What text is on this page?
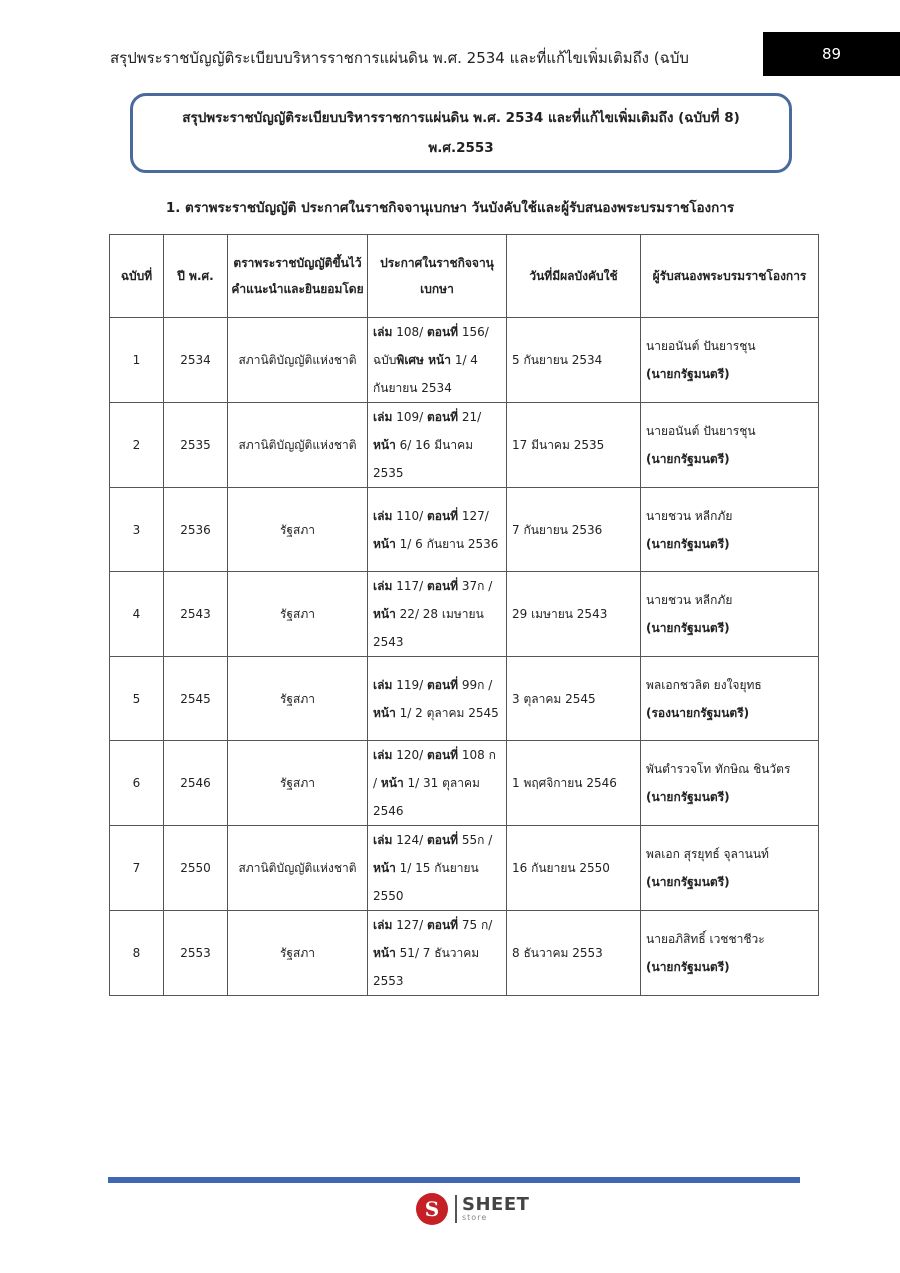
สรุปพระราชบัญญัติระเบียบบริหารราชการแผ่นดิน พ.ศ. 2534 และที่แก้ไขเพิ่มเติมถึง (ฉบับ	89
สรุปพระราชบัญญัติระเบียบบริหารราชการแผ่นดิน พ.ศ. 2534 และที่แก้ไขเพิ่มเติมถึง (ฉบับที่ 8)
พ.ศ.2553
1. ตราพระราชบัญญัติ ประกาศในราชกิจจานุเบกษา วันบังคับใช้และผู้รับสนองพระบรมราชโองการ
ฉบับที่	ปี พ.ศ.	ตราพระราชบัญญัติขึ้นไว้คำแนะนำและยินยอมโดย	ประกาศในราชกิจจานุเบกษา	วันที่มีผลบังคับใช้	ผู้รับสนองพระบรมราชโองการ
1	2534	สภานิติบัญญัติแห่งชาติ	เล่ม 108/ ตอนที่ 156/ ฉบับพิเศษ หน้า 1/ 4 กันยายน 2534	5 กันยายน 2534	นายอนันต์ ปันยารชุน
(นายกรัฐมนตรี)

2	2535	สภานิติบัญญัติแห่งชาติ	เล่ม 109/ ตอนที่ 21/ หน้า 6/ 16 มีนาคม 2535	17 มีนาคม 2535	นายอนันต์ ปันยารชุน
(นายกรัฐมนตรี)

3	2536	รัฐสภา	เล่ม 110/ ตอนที่ 127/ หน้า 1/ 6 กันยาน 2536	7 กันยายน 2536	นายชวน หลีกภัย
(นายกรัฐมนตรี)

4	2543	รัฐสภา	เล่ม 117/ ตอนที่ 37ก / หน้า 22/ 28 เมษายน 2543	29 เมษายน 2543	นายชวน หลีกภัย
(นายกรัฐมนตรี)

5	2545	รัฐสภา	เล่ม 119/ ตอนที่ 99ก / หน้า 1/ 2 ตุลาคม 2545	3 ตุลาคม 2545	พลเอกชวลิต ยงใจยุทธ
(รองนายกรัฐมนตรี)

6	2546	รัฐสภา	เล่ม 120/ ตอนที่ 108 ก / หน้า 1/ 31 ตุลาคม 2546	1 พฤศจิกายน 2546	พันตำรวจโท ทักษิณ ชินวัตร
(นายกรัฐมนตรี)

7	2550	สภานิติบัญญัติแห่งชาติ	เล่ม 124/ ตอนที่ 55ก / หน้า 1/ 15 กันยายน 2550	16 กันยายน 2550	พลเอก สุรยุทธ์ จุลานนท์
(นายกรัฐมนตรี)

8	2553	รัฐสภา	เล่ม 127/ ตอนที่ 75 ก/ หน้า 51/ 7 ธันวาคม 2553	8 ธันวาคม 2553	นายอภิสิทธิ์ เวชชาชีวะ
(นายกรัฐมนตรี)
S	SHEET
store
